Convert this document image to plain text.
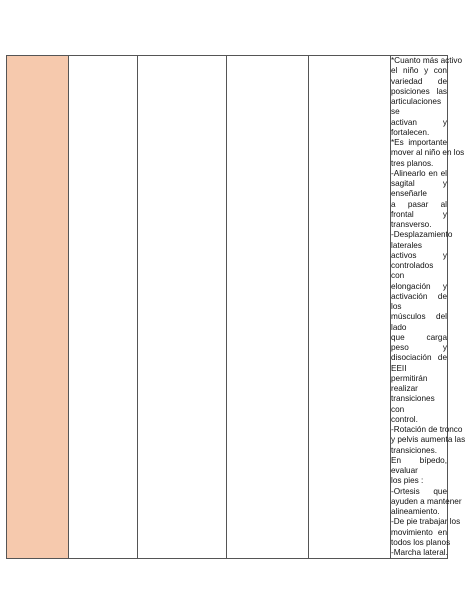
*Cuanto más activo
el niño y con
variedad de
posiciones las
articulaciones se
activan y
fortalecen.
*Es importante
mover al niño en los
tres planos.
-Alinearlo en el
sagital y enseñarle
a pasar al frontal y
transverso.
-Desplazamiento
laterales activos y
controlados con
elongación y
activación de los
músculos del lado
que carga peso y
disociación de EEII
permitirán realizar
transiciones con
control.
-Rotación de tronco
y pelvis aumenta las
transiciones.
En bípedo, evaluar
los pies :
-Ortesis que
ayuden a mantener
alineamiento.
-De pie trabajar los
movimiento en
todos los planos
-Marcha lateral.
